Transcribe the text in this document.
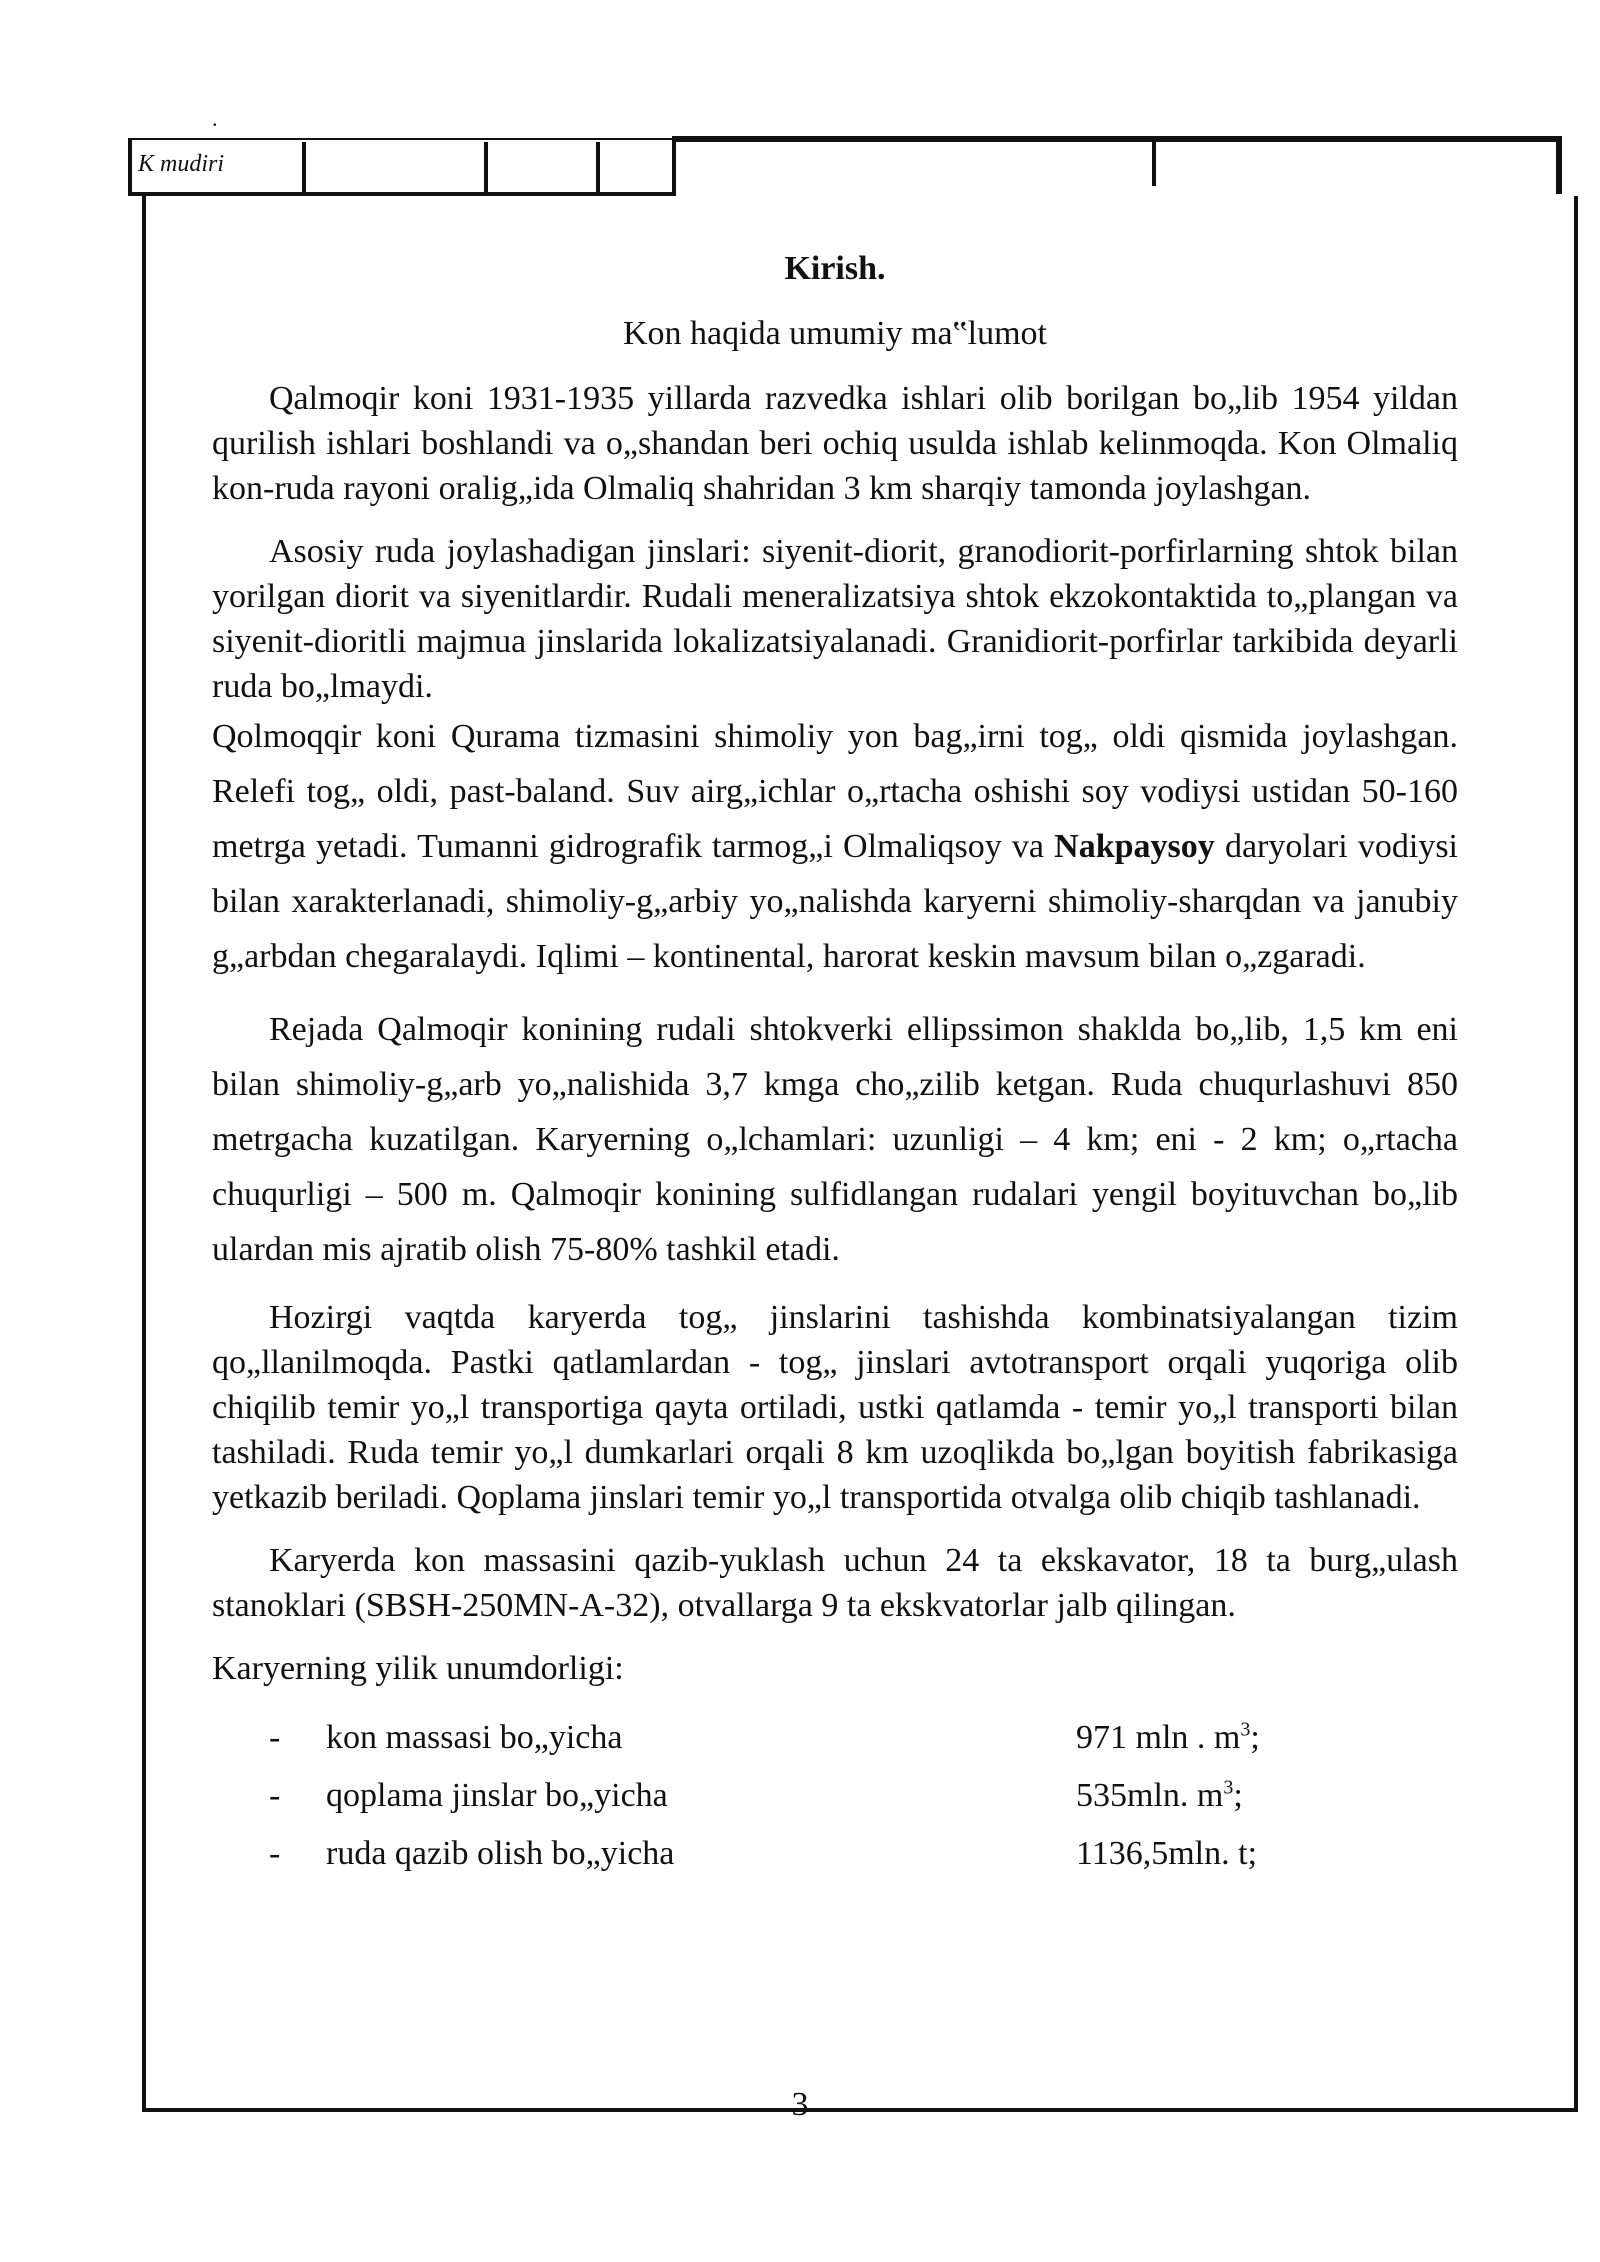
.
K mudiri
Kirish.
Kon haqida umumiy ma‟lumot

Qalmoqir koni 1931-1935 yillarda razvedka ishlari olib borilgan bo„lib 1954 yildan qurilish ishlari boshlandi va o„shandan beri ochiq usulda ishlab kelinmoqda. Kon Olmaliq kon-ruda rayoni oralig„ida Olmaliq shahridan 3 km sharqiy tamonda joylashgan.

Asosiy ruda joylashadigan jinslari: siyenit-diorit, granodiorit-porfirlarning shtok bilan yorilgan diorit va siyenitlardir. Rudali meneralizatsiya shtok ekzokontaktida to„plangan va siyenit-dioritli majmua jinslarida lokalizatsiyalanadi. Granidiorit-porfirlar tarkibida deyarli ruda bo„lmaydi.

Qolmoqqir koni Qurama tizmasini shimoliy yon bag„irni tog„ oldi qismida joylashgan. Relefi tog„ oldi, past-baland. Suv airg„ichlar o„rtacha oshishi soy vodiysi ustidan 50-160 metrga yetadi. Tumanni gidrografik tarmog„i Olmaliqsoy va Nakpaysoy daryolari vodiysi bilan xarakterlanadi, shimoliy-g„arbiy yo„nalishda karyerni shimoliy-sharqdan va janubiy g„arbdan chegaralaydi. Iqlimi – kontinental, harorat keskin mavsum bilan o„zgaradi.

Rejada Qalmoqir konining rudali shtokverki ellipssimon shaklda bo„lib, 1,5 km eni bilan shimoliy-g„arb yo„nalishida 3,7 kmga cho„zilib ketgan. Ruda chuqurlashuvi 850 metrgacha kuzatilgan. Karyerning o„lchamlari: uzunligi – 4 km; eni - 2 km; o„rtacha chuqurligi – 500 m. Qalmoqir konining sulfidlangan rudalari yengil boyituvchan bo„lib ulardan mis ajratib olish 75-80% tashkil etadi.

Hozirgi vaqtda karyerda tog„ jinslarini tashishda kombinatsiyalangan tizim qo„llanilmoqda. Pastki qatlamlardan - tog„ jinslari avtotransport orqali yuqoriga olib chiqilib temir yo„l transportiga qayta ortiladi, ustki qatlamda - temir yo„l transporti bilan tashiladi. Ruda temir yo„l dumkarlari orqali 8 km uzoqlikda bo„lgan boyitish fabrikasiga yetkazib beriladi. Qoplama jinslari temir yo„l transportida otvalga olib chiqib tashlanadi.

Karyerda kon massasini qazib-yuklash uchun 24 ta ekskavator, 18 ta burg„ulash stanoklari (SBSH-250MN-A-32), otvallarga 9 ta ekskvatorlar jalb qilingan.

Karyerning yilik unumdorligi:
-	kon massasi bo„yicha	971 mln . $m^3$;
-	qoplama jinslar bo„yicha	535mln. $m^3$;
-	ruda qazib olish bo„yicha	1136,5mln. t;
3
